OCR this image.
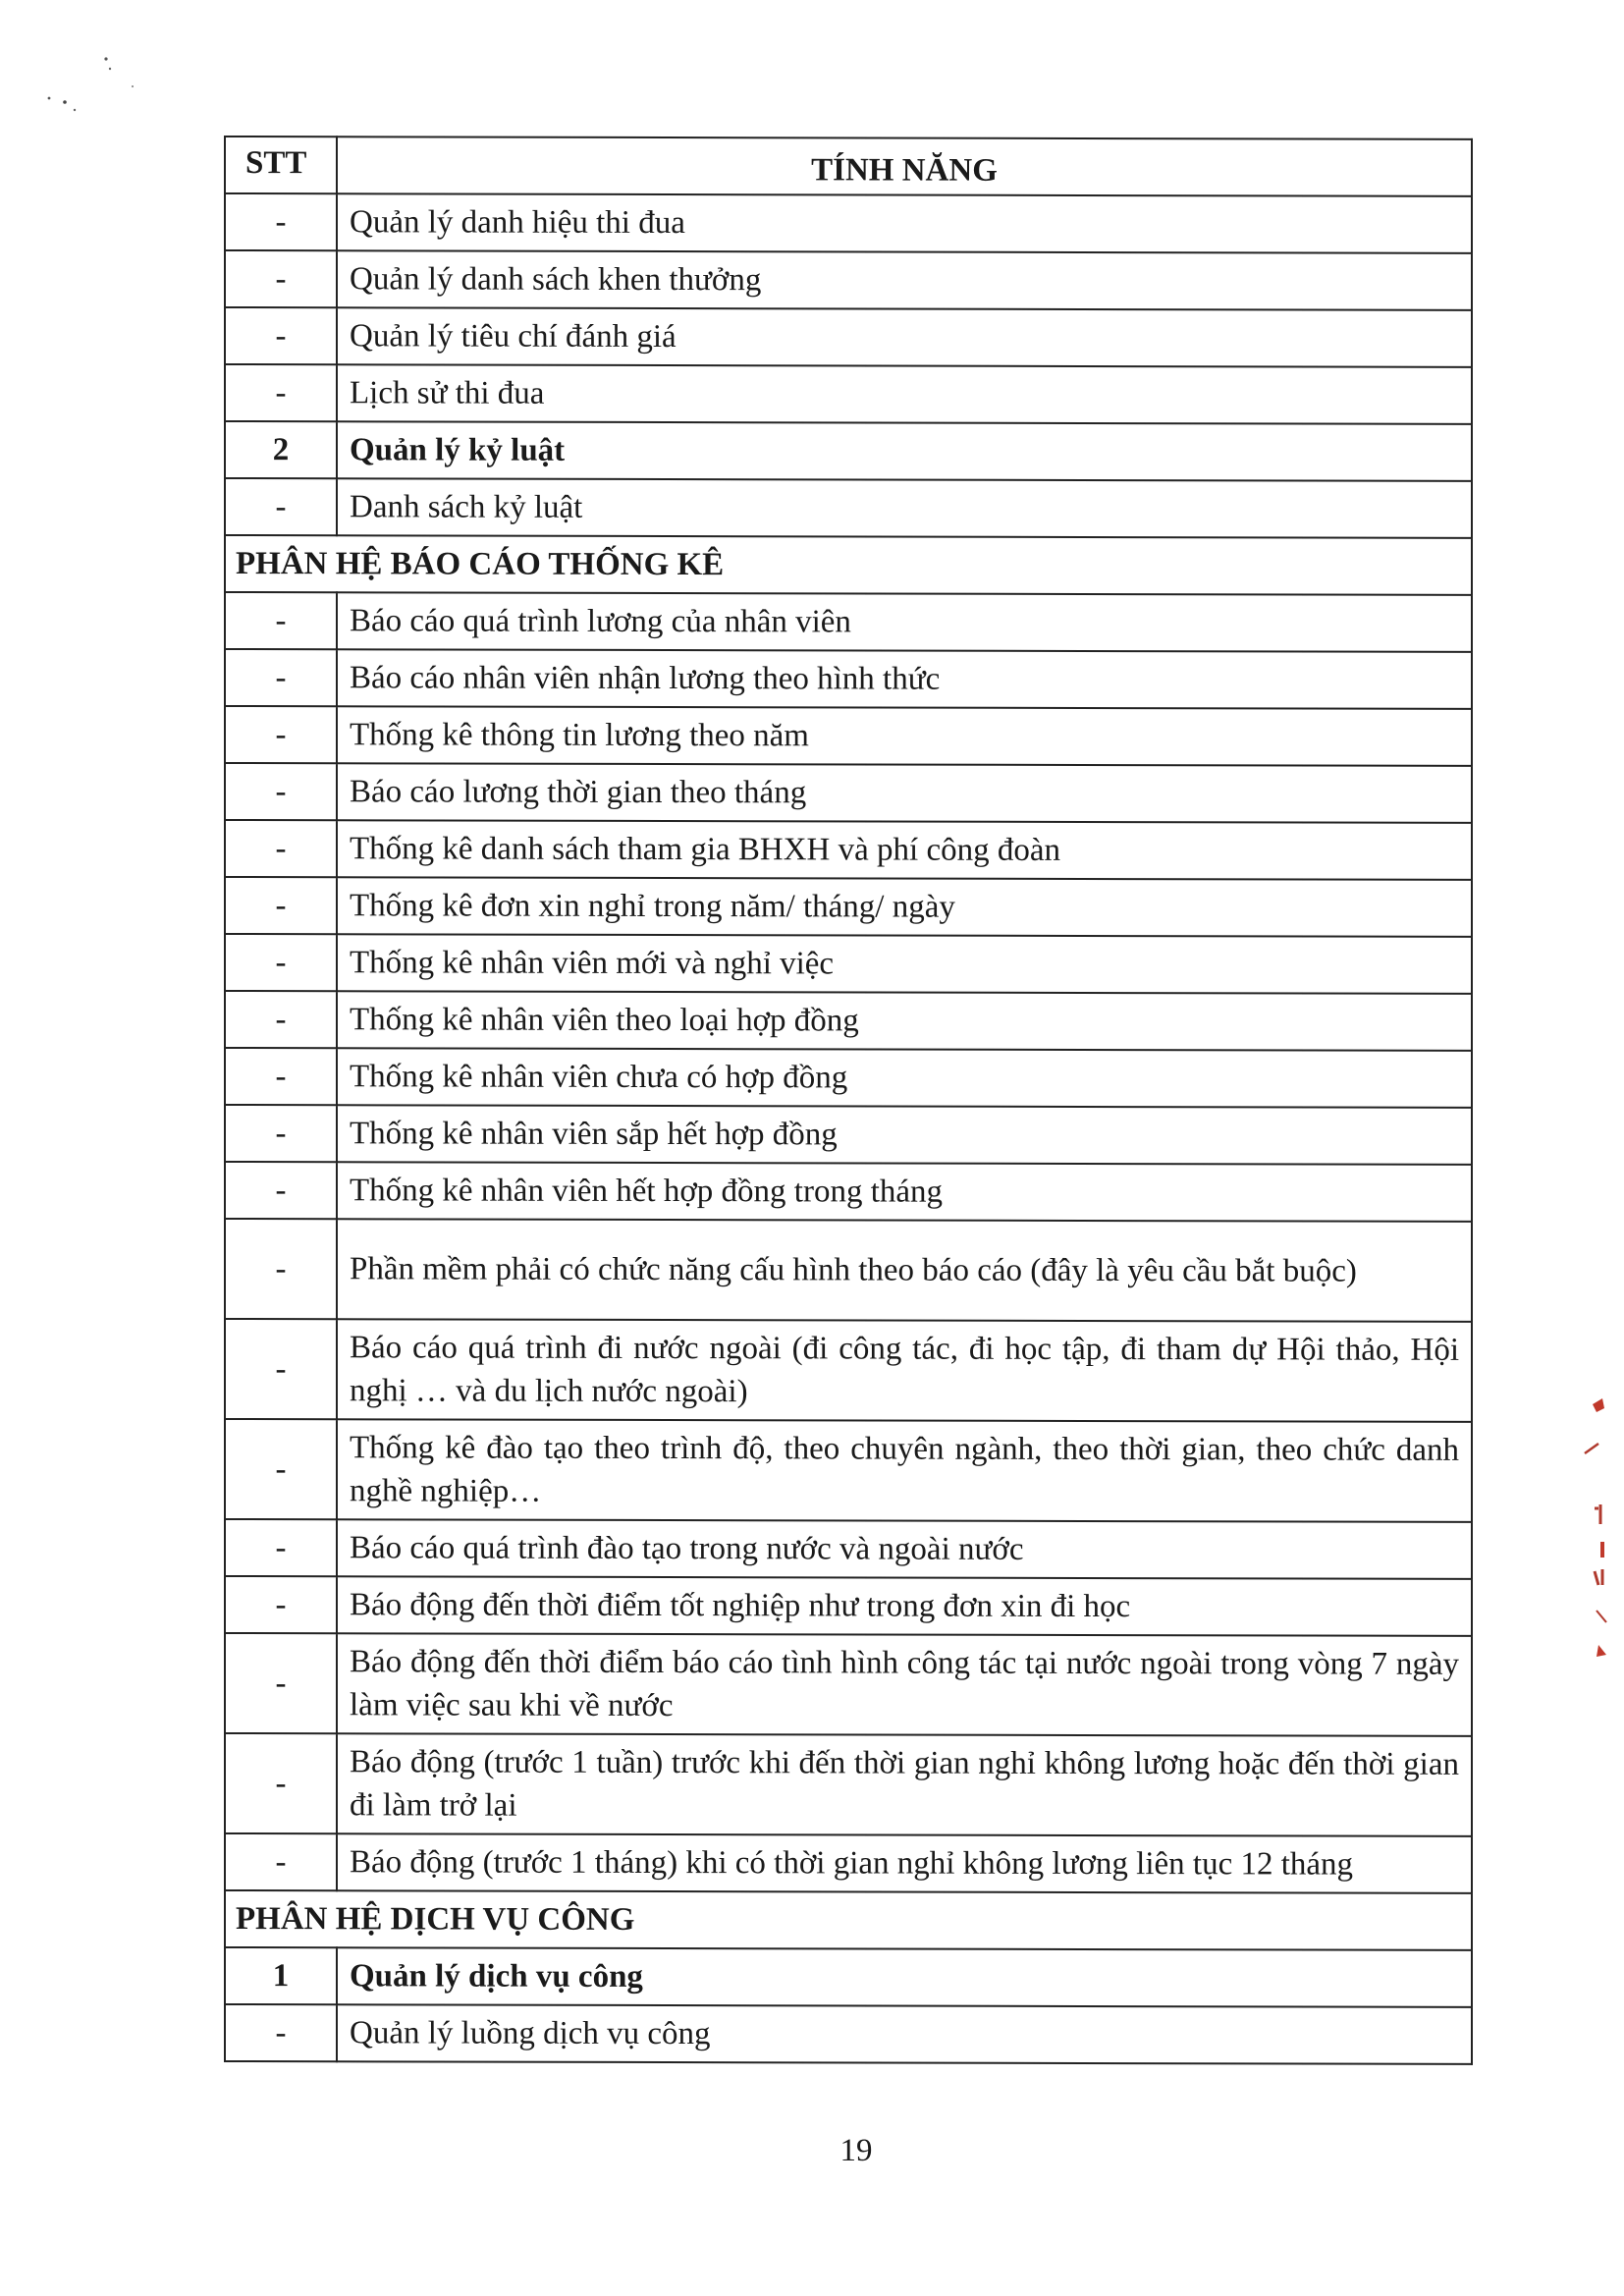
STT	TÍNH NĂNG
-	Quản lý danh hiệu thi đua
-	Quản lý danh sách khen thưởng
-	Quản lý tiêu chí đánh giá
-	Lịch sử thi đua
2	Quản lý kỷ luật
-	Danh sách kỷ luật
PHÂN HỆ BÁO CÁO THỐNG KÊ	
-	Báo cáo quá trình lương của nhân viên
-	Báo cáo nhân viên nhận lương theo hình thức
-	Thống kê thông tin lương theo năm
-	Báo cáo lương thời gian theo tháng
-	Thống kê danh sách tham gia BHXH và phí công đoàn
-	Thống kê đơn xin nghỉ trong năm/ tháng/ ngày
-	Thống kê nhân viên mới và nghỉ việc
-	Thống kê nhân viên theo loại hợp đồng
-	Thống kê nhân viên chưa có hợp đồng
-	Thống kê nhân viên sắp hết hợp đồng
-	Thống kê nhân viên hết hợp đồng trong tháng
-	Phần mềm phải có chức năng cấu hình theo báo cáo (đây là yêu cầu bắt buộc)
-	Báo cáo quá trình đi nước ngoài (đi công tác, đi học tập, đi tham dự Hội thảo, Hội nghị … và du lịch nước ngoài)
-	Thống kê đào tạo theo trình độ, theo chuyên ngành, theo thời gian, theo chức danh nghề nghiệp…
-	Báo cáo quá trình đào tạo trong nước và ngoài nước
-	Báo động đến thời điểm tốt nghiệp như trong đơn xin đi học
-	Báo động đến thời điểm báo cáo tình hình công tác tại nước ngoài trong vòng 7 ngày làm việc sau khi về nước
-	Báo động (trước 1 tuần) trước khi đến thời gian nghỉ không lương hoặc đến thời gian đi làm trở lại
-	Báo động (trước 1 tháng) khi có thời gian nghỉ không lương liên tục 12 tháng
PHÂN HỆ DỊCH VỤ CÔNG	
1	Quản lý dịch vụ công
-	Quản lý luồng dịch vụ công
19
